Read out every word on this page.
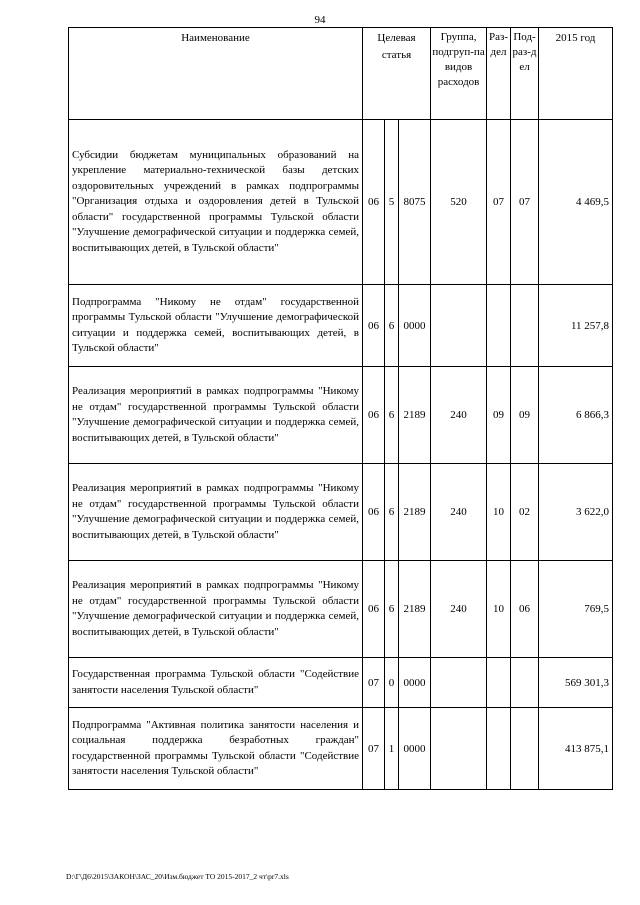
94
Наименование	Целевая статья			Группа, подгруп-па видов расходов	Раз-дел	Под-раз-дел	2015 год
Субсидии бюджетам муниципальных образований на укрепление материально-технической базы детских оздоровительных учреждений в рамках подпрограммы "Организация отдыха и оздоровления детей в Тульской области" государственной программы Тульской области "Улучшение демографической ситуации и поддержка семей, воспитывающих детей, в Тульской области"	06	5	8075	520	07	07	4 469,5
Подпрограмма "Никому не отдам" государственной программы Тульской области "Улучшение демографической ситуации и поддержка семей, воспитывающих детей, в Тульской области"	06	6	0000				11 257,8
Реализация мероприятий в рамках подпрограммы "Никому не отдам" государственной программы Тульской области "Улучшение демографической ситуации и поддержка семей, воспитывающих детей, в Тульской области"	06	6	2189	240	09	09	6 866,3
Реализация мероприятий в рамках подпрограммы "Никому не отдам" государственной программы Тульской области "Улучшение демографической ситуации и поддержка семей, воспитывающих детей, в Тульской области"	06	6	2189	240	10	02	3 622,0
Реализация мероприятий в рамках подпрограммы "Никому не отдам" государственной программы Тульской области "Улучшение демографической ситуации и поддержка семей, воспитывающих детей, в Тульской области"	06	6	2189	240	10	06	769,5
Государственная программа Тульской области "Содействие занятости населения Тульской области"	07	0	0000				569 301,3
Подпрограмма "Активная политика занятости населения и социальная поддержка безработных граждан" государственной программы Тульской области "Содействие занятости населения Тульской области"	07	1	0000				413 875,1
D:\Г\Д6\2015\ЗАКОН\ЗАС_20\Изм.бюджет ТО 2015-2017_2 чт\pr7.xls
